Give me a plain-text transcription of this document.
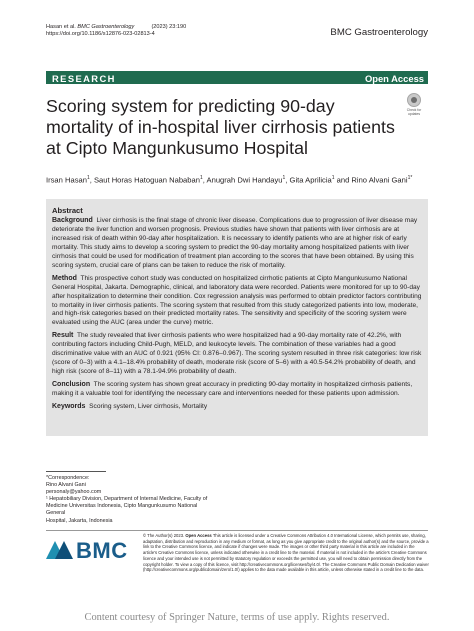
Hasan et al. BMC Gastroenterology	(2023) 23:190
https://doi.org/10.1186/s12876-023-02813-4	BMC Gastroenterology
RESEARCH	Open Access
Check for updates
Scoring system for predicting 90-day mortality of in-hospital liver cirrhosis patients at Cipto Mangunkusumo Hospital
Irsan Hasan$^1$, Saut Horas Hatoguan Nababan$^1$, Anugrah Dwi Handayu$^1$, Gita Aprilicia$^1$ and Rino Alvani Gani$^{1*}$
Abstract

Background Liver cirrhosis is the final stage of chronic liver disease. Complications due to progression of liver disease may deteriorate the liver function and worsen prognosis. Previous studies have shown that patients with liver cirrhosis are at increased risk of death within 90-day after hospitalization. It is necessary to identify patients who are at higher risk of early mortality. This study aims to develop a scoring system to predict the 90-day mortality among hospitalized patients with liver cirrhosis that could be used for modification of treatment plan according to the scores that have been obtained. By using this scoring system, crucial care of plans can be taken to reduce the risk of mortality.

Method This prospective cohort study was conducted on hospitalized cirrhotic patients at Cipto Mangunkusumo National General Hospital, Jakarta. Demographic, clinical, and laboratory data were recorded. Patients were monitored for up to 90-day after hospitalization to determine their condition. Cox regression analysis was performed to obtain predictor factors contributing to mortality in liver cirrhosis patients. The scoring system that resulted from this study categorized patients into low, moderate, and high-risk categories based on their predicted mortality rates. The sensitivity and specificity of the scoring system were evaluated using the AUC (area under the curve) metric.

Result The study revealed that liver cirrhosis patients who were hospitalized had a 90-day mortality rate of 42.2%, with contributing factors including Child-Pugh, MELD, and leukocyte levels. The combination of these variables had a good discriminative value with an AUC of 0.921 (95% CI: 0.876–0.967). The scoring system resulted in three risk categories: low risk (score of 0–3) with a 4.1–18.4% probability of death, moderate risk (score of 5–6) with a 40.5-54.2% probability of death, and high risk (score of 8–11) with a 78.1-94.9% probability of death.

Conclusion The scoring system has shown great accuracy in predicting 90-day mortality in hospitalized cirrhosis patients, making it a valuable tool for identifying the necessary care and interventions needed for these patients upon admission.

Keywords Scoring system, Liver cirrhosis, Mortality

*Correspondence:
Rino Alvani Gani
personaly@yahoo.com
¹ Hepatobiliary Division, Department of Internal Medicine, Faculty of
Medicine Universitas Indonesia, Cipto Mangunkusumo National General
Hospital, Jakarta, Indonesia
BMC
© The Author(s) 2023. Open Access This article is licensed under a Creative Commons Attribution 4.0 International License, which permits use, sharing, adaptation, distribution and reproduction in any medium or format, as long as you give appropriate credit to the original author(s) and the source, provide a link to the Creative Commons licence, and indicate if changes were made. The images or other third party material in this article are included in the article's Creative Commons licence, unless indicated otherwise in a credit line to the material. If material is not included in the article's Creative Commons licence and your intended use is not permitted by statutory regulation or exceeds the permitted use, you will need to obtain permission directly from the copyright holder. To view a copy of this licence, visit http://creativecommons.org/licenses/by/4.0/. The Creative Commons Public Domain Dedication waiver (http://creativecommons.org/publicdomain/zero/1.0/) applies to the data made available in this article, unless otherwise stated in a credit line to the data.
Content courtesy of Springer Nature, terms of use apply. Rights reserved.
